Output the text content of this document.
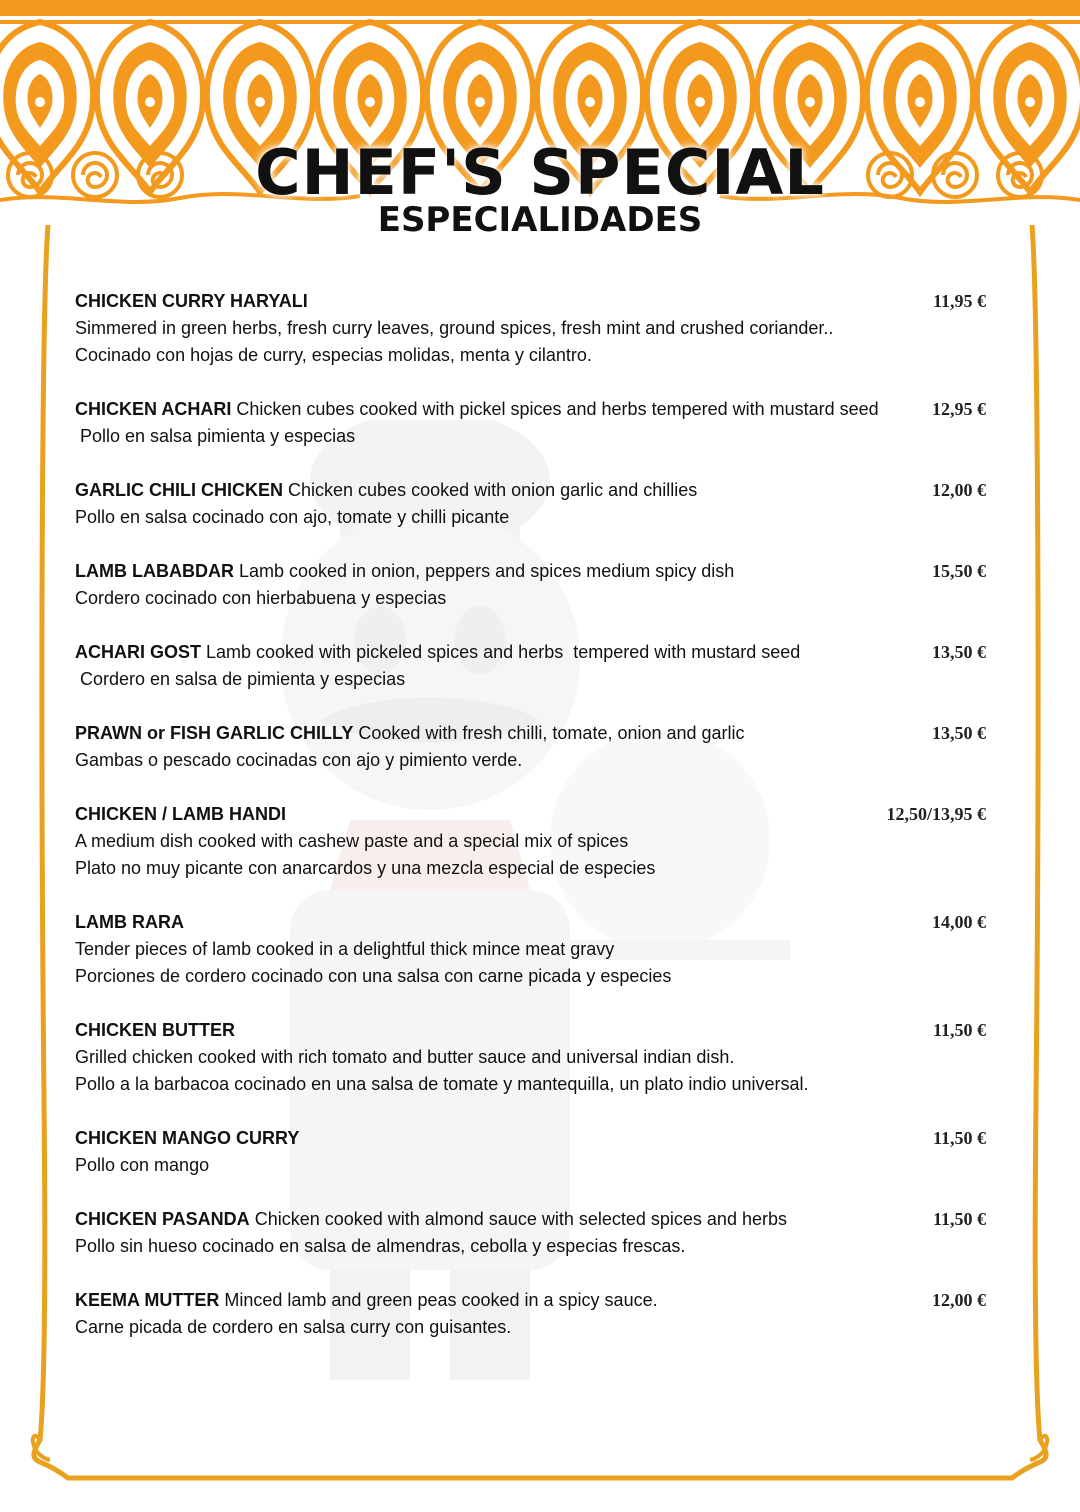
CHEF'S SPECIAL
ESPECIALIDADES
CHICKEN CURRY HARYALI	11,95 €
Simmered in green herbs, fresh curry leaves, ground spices, fresh mint and crushed coriander..
Cocinado con hojas de curry, especias molidas, menta y cilantro.
CHICKEN ACHARI Chicken cubes cooked with pickel spices and herbs tempered with mustard seed	12,95 €
Pollo en salsa pimienta y especias
GARLIC CHILI CHICKEN Chicken cubes cooked with onion garlic and chillies	12,00 €
Pollo en salsa cocinado con ajo, tomate y chilli picante
LAMB LABABDAR Lamb cooked in onion, peppers and spices medium spicy dish	15,50 €
Cordero cocinado con hierbabuena y especias
ACHARI GOST Lamb cooked with pickeled spices and herbs  tempered with mustard seed	13,50 €
Cordero en salsa de pimienta y especias
PRAWN or FISH GARLIC CHILLY Cooked with fresh chilli, tomate, onion and garlic	13,50 €
Gambas o pescado cocinadas con ajo y pimiento verde.
CHICKEN / LAMB HANDI	12,50/13,95 €
A medium dish cooked with cashew paste and a special mix of spices
Plato no muy picante con anarcardos y una mezcla especial de especies
LAMB RARA	14,00 €
Tender pieces of lamb cooked in a delightful thick mince meat gravy
Porciones de cordero cocinado con una salsa con carne picada y especies
CHICKEN BUTTER	11,50 €
Grilled chicken cooked with rich tomato and butter sauce and universal indian dish.
Pollo a la barbacoa cocinado en una salsa de tomate y mantequilla, un plato indio universal.
CHICKEN MANGO CURRY	11,50 €
Pollo con mango
CHICKEN PASANDA Chicken cooked with almond sauce with selected spices and herbs	11,50 €
Pollo sin hueso cocinado en salsa de almendras, cebolla y especias frescas.
KEEMA MUTTER Minced lamb and green peas cooked in a spicy sauce.	12,00 €
Carne picada de cordero en salsa curry con guisantes.
